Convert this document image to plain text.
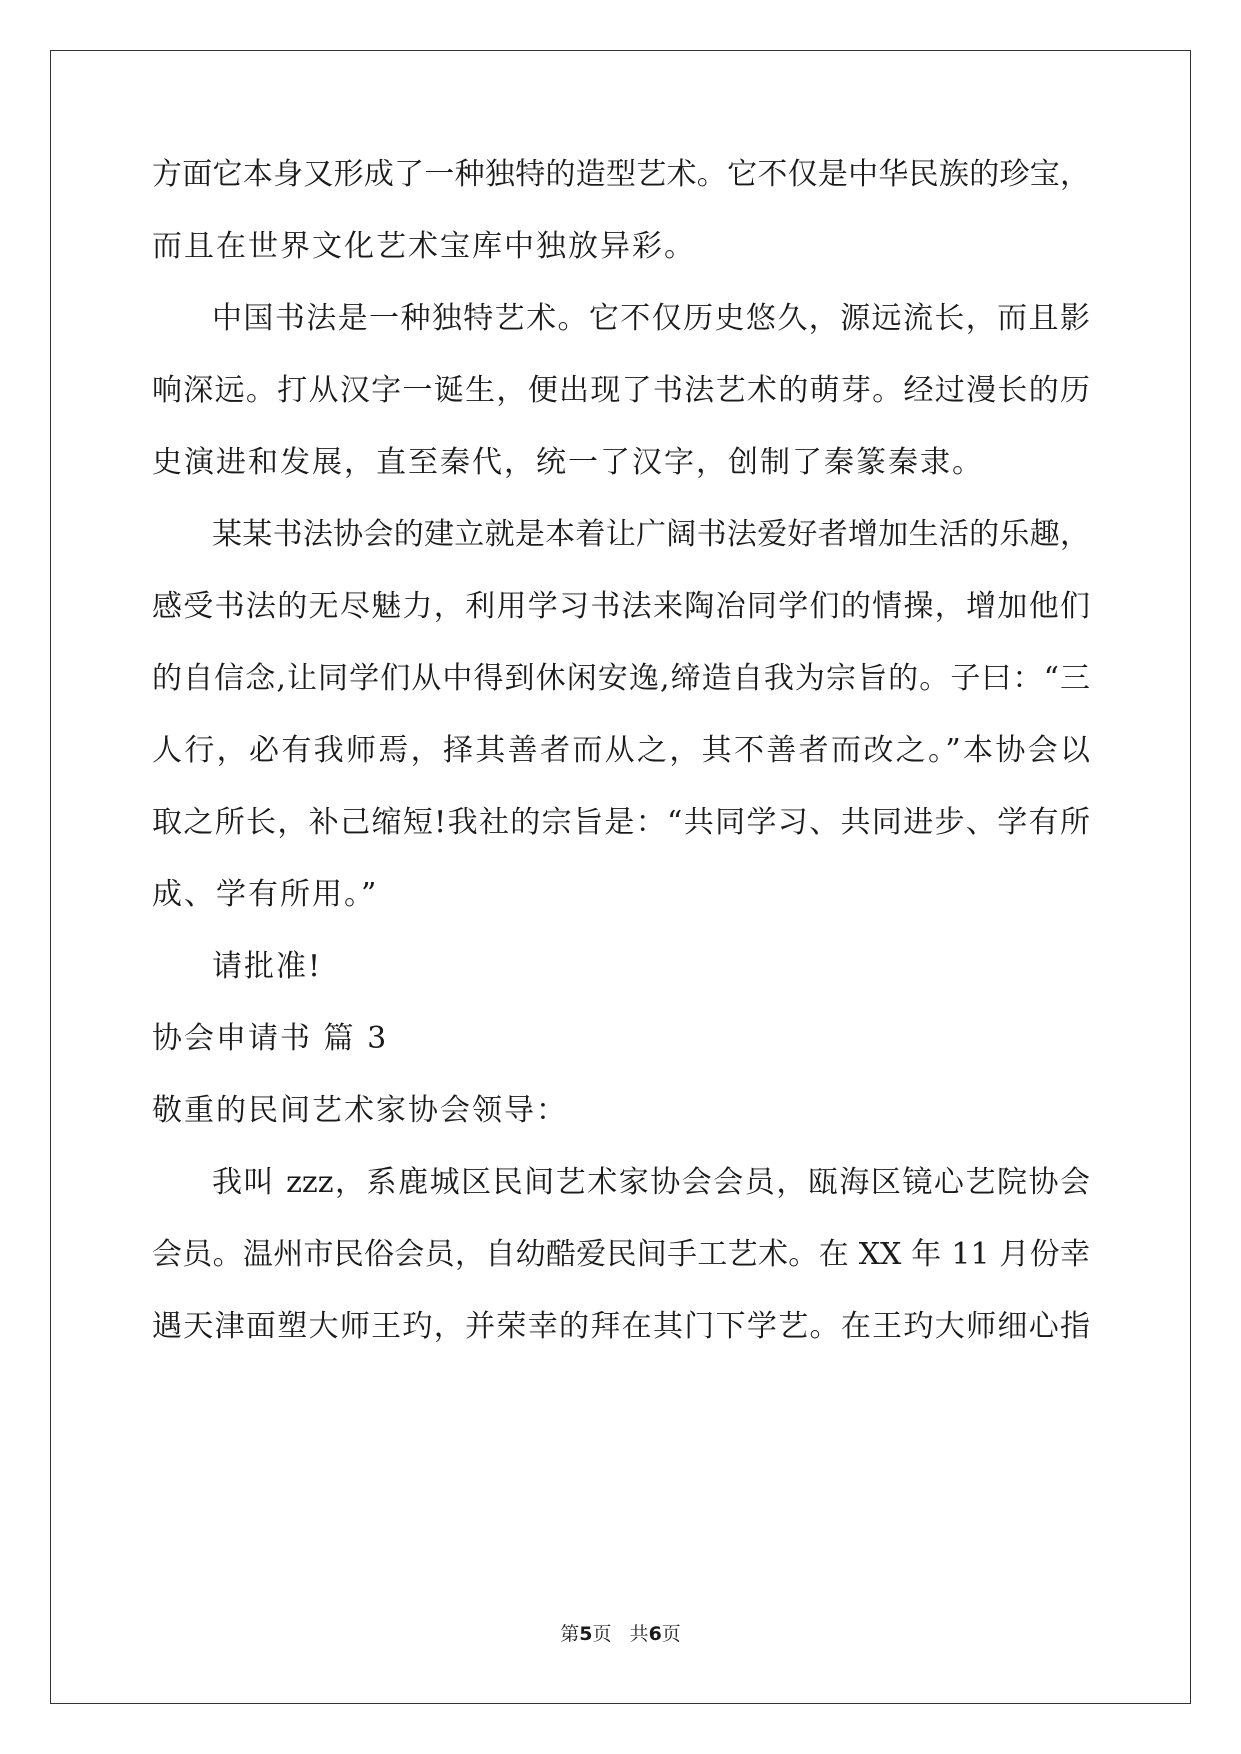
方面它本身又形成了一种独特的造型艺术。它不仅是中华民族的珍宝，
而且在世界文化艺术宝库中独放异彩。
中国书法是一种独特艺术。它不仅历史悠久，源远流长，而且影
响深远。打从汉字一诞生，便出现了书法艺术的萌芽。经过漫长的历
史演进和发展，直至秦代，统一了汉字，创制了秦篆秦隶。
某某书法协会的建立就是本着让广阔书法爱好者增加生活的乐趣，
感受书法的无尽魅力，利用学习书法来陶冶同学们的情操，增加他们
的自信念,让同学们从中得到休闲安逸,缔造自我为宗旨的。子曰：“三
人行，必有我师焉，择其善者而从之，其不善者而改之。”本协会以
取之所长，补己缩短!我社的宗旨是：“共同学习、共同进步、学有所
成、学有所用。”
请批准!
协会申请书 篇 3
敬重的民间艺术家协会领导：
我叫 zzz，系鹿城区民间艺术家协会会员，瓯海区镜心艺院协会
会员。温州市民俗会员，自幼酷爱民间手工艺术。在 XX 年 11 月份幸
遇天津面塑大师王玓，并荣幸的拜在其门下学艺。在王玓大师细心指
第5页   共6页
